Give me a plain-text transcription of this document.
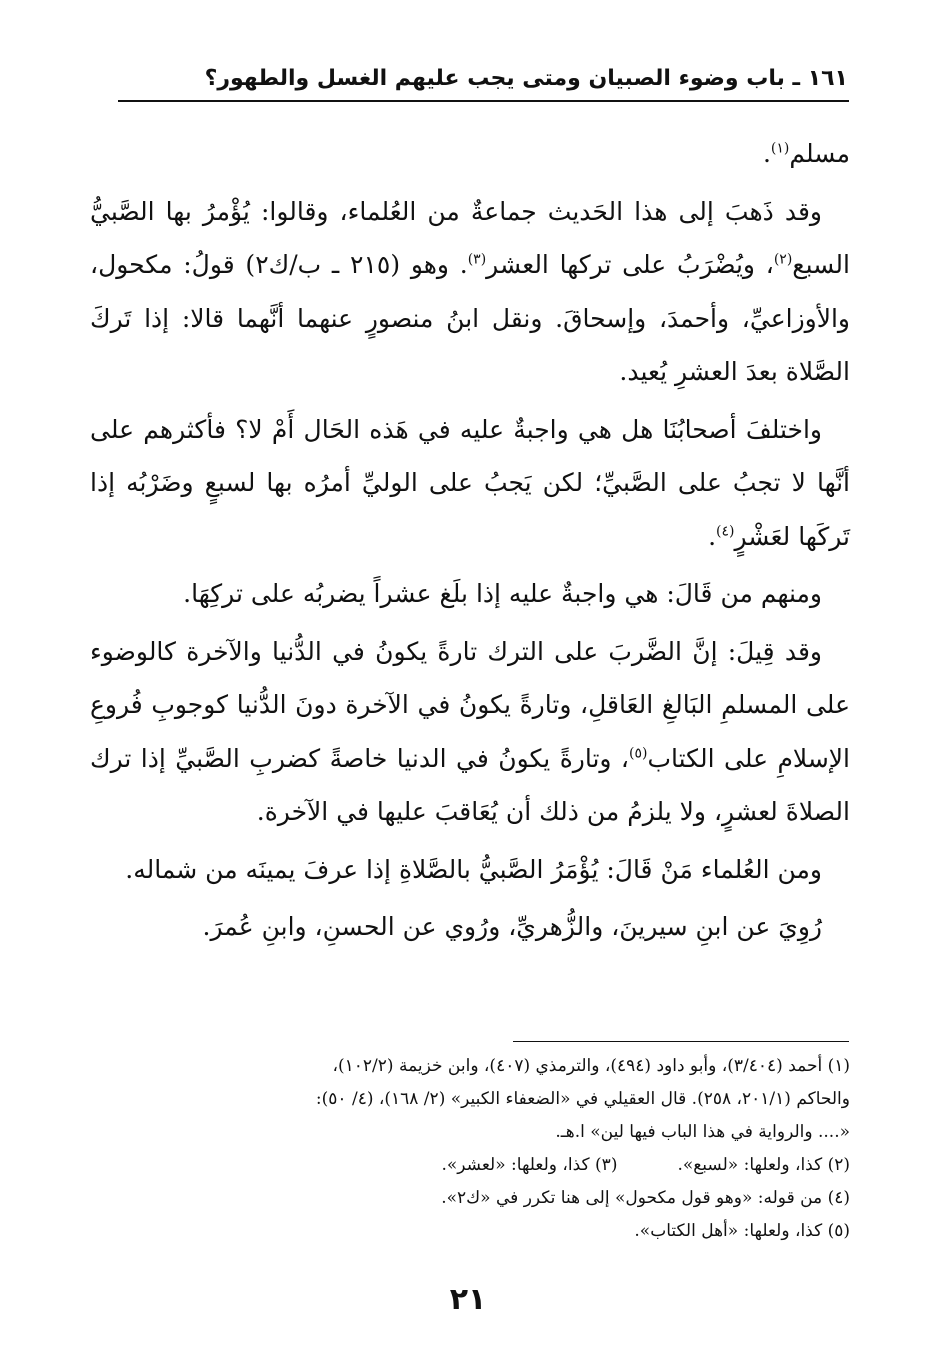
١٦١ ـ باب وضوء الصبيان ومتى يجب عليهم الغسل والطهور؟

مسلم$^{(١)}$.

وقد ذَهبَ إلى هذا الحَديث جماعةٌ من العُلماء، وقالوا: يُؤْمرُ بها الصَّبيُّ السبع$^{(٢)}$، ويُضْرَبُ على تركها العشر$^{(٣)}$. وهو (٢١٥ ـ ب/ك٢) قولُ: مكحول، والأوزاعيِّ، وأحمدَ، وإسحاقَ. ونقل ابنُ منصورٍ عنهما أنَّهما قالا: إذا تَركَ الصَّلاة بعدَ العشرِ يُعيد.

واختلفَ أصحابُنَا هل هي واجبةٌ عليه في هَذه الحَال أَمْ لا؟ فأكثرهم على أنَّها لا تجبُ على الصَّبيِّ؛ لكن يَجبُ على الوليِّ أمرُه بها لسبعٍ وضَرْبُه إذا تَركَها لعَشْرٍ$^{(٤)}$.

ومنهم من قَالَ: هي واجبةٌ عليه إذا بلَغ عشراً يضربُه على تركِهَا.

وقد قِيلَ: إنَّ الضَّربَ على الترك تارةً يكونُ في الدُّنيا والآخرة كالوضوء على المسلمِ البَالغِ العَاقلِ، وتارةً يكونُ في الآخرة دونَ الدُّنيا كوجوبِ فُروعِ الإسلامِ على الكتاب$^{(٥)}$، وتارةً يكونُ في الدنيا خاصةً كضربِ الصَّبيِّ إذا ترك الصلاةَ لعشرٍ، ولا يلزمُ من ذلك أن يُعَاقبَ عليها في الآخرة.

ومن العُلماء مَنْ قَالَ: يُؤْمَرُ الصَّبيُّ بالصَّلاةِ إذا عرفَ يمينَه من شماله.

رُوِيَ عن ابنِ سيرينَ، والزُّهريِّ، ورُوي عن الحسنِ، وابنِ عُمرَ.

(١) أحمد (٣/٤٠٤)، وأبو داود (٤٩٤)، والترمذي (٤٠٧)، وابن خزيمة (١٠٢/٢)،

والحاكم (٢٠١/١، ٢٥٨). قال العقيلي في «الضعفاء الكبير» (٢/ ١٦٨)، (٤/ ٥٠):

«.... والرواية في هذا الباب فيها لين» ا.هـ.

(٢) كذا، ولعلها: «لسبع».(٣) كذا، ولعلها: «لعشر».

(٤) من قوله: «وهو قول مكحول» إلى هنا تكرر في «ك٢».

(٥) كذا، ولعلها: «أهل الكتاب».

٢١
